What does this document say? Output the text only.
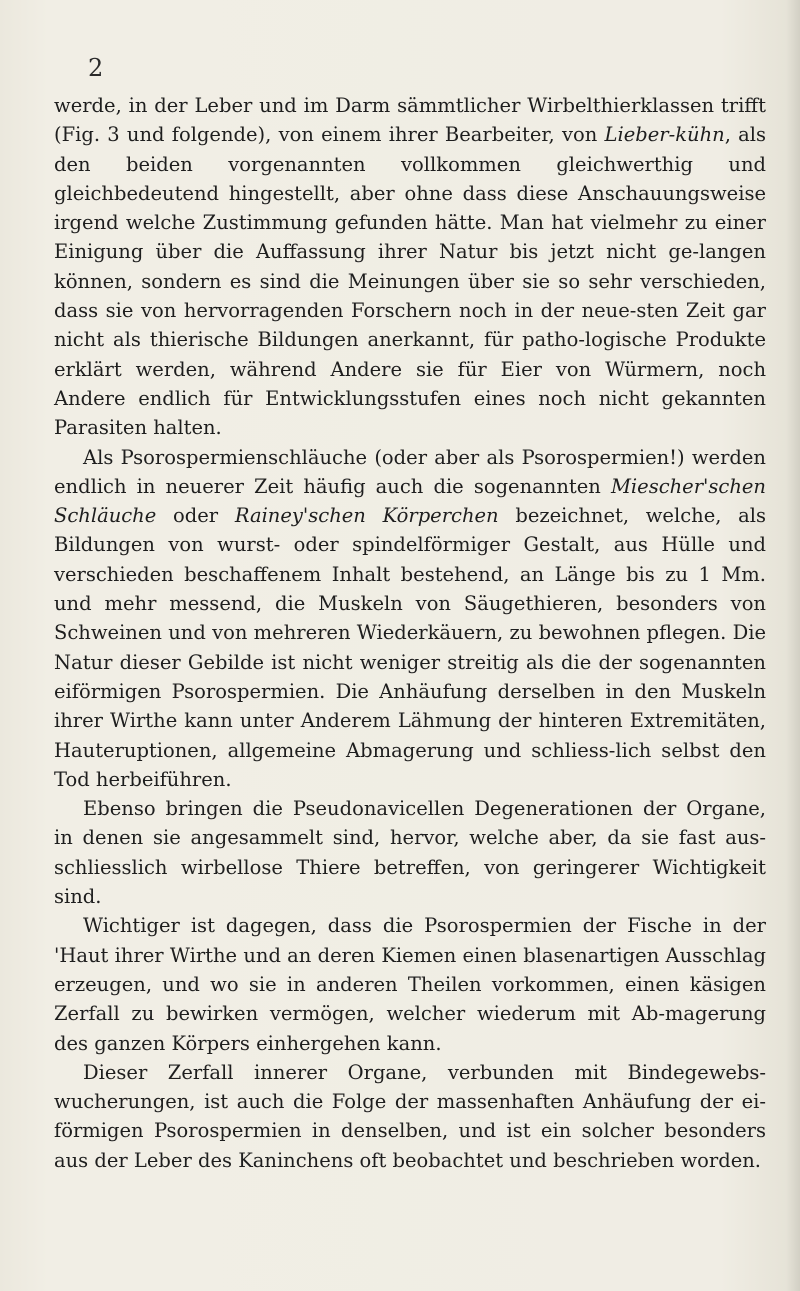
2

werde, in der Leber und im Darm sämmtlicher Wirbelthierklassen trifft (Fig. 3 und folgende), von einem ihrer Bearbeiter, von Lieber-kühn, als den beiden vorgenannten vollkommen gleichwerthig und gleichbedeutend hingestellt, aber ohne dass diese Anschauungsweise irgend welche Zustimmung gefunden hätte. Man hat vielmehr zu einer Einigung über die Auffassung ihrer Natur bis jetzt nicht ge-langen können, sondern es sind die Meinungen über sie so sehr verschieden, dass sie von hervorragenden Forschern noch in der neue-sten Zeit gar nicht als thierische Bildungen anerkannt, für patho-logische Produkte erklärt werden, während Andere sie für Eier von Würmern, noch Andere endlich für Entwicklungsstufen eines noch nicht gekannten Parasiten halten.

Als Psorospermienschläuche (oder aber als Psorospermien!) werden endlich in neuerer Zeit häufig auch die sogenannten Miescher'schen Schläuche oder Rainey'schen Körperchen bezeichnet, welche, als Bildungen von wurst- oder spindelförmiger Gestalt, aus Hülle und verschieden beschaffenem Inhalt bestehend, an Länge bis zu 1 Mm. und mehr messend, die Muskeln von Säugethieren, besonders von Schweinen und von mehreren Wiederkäuern, zu bewohnen pflegen. Die Natur dieser Gebilde ist nicht weniger streitig als die der sogenannten eiförmigen Psorospermien. Die Anhäufung derselben in den Muskeln ihrer Wirthe kann unter Anderem Lähmung der hinteren Extremitäten, Hauteruptionen, allgemeine Abmagerung und schliess-lich selbst den Tod herbeiführen.

Ebenso bringen die Pseudonavicellen Degenerationen der Organe, in denen sie angesammelt sind, hervor, welche aber, da sie fast aus-schliesslich wirbellose Thiere betreffen, von geringerer Wichtigkeit sind.

Wichtiger ist dagegen, dass die Psorospermien der Fische in der 'Haut ihrer Wirthe und an deren Kiemen einen blasenartigen Ausschlag erzeugen, und wo sie in anderen Theilen vorkommen, einen käsigen Zerfall zu bewirken vermögen, welcher wiederum mit Ab-magerung des ganzen Körpers einhergehen kann.

Dieser Zerfall innerer Organe, verbunden mit Bindegewebs-wucherungen, ist auch die Folge der massenhaften Anhäufung der ei-förmigen Psorospermien in denselben, und ist ein solcher besonders aus der Leber des Kaninchens oft beobachtet und beschrieben worden.
